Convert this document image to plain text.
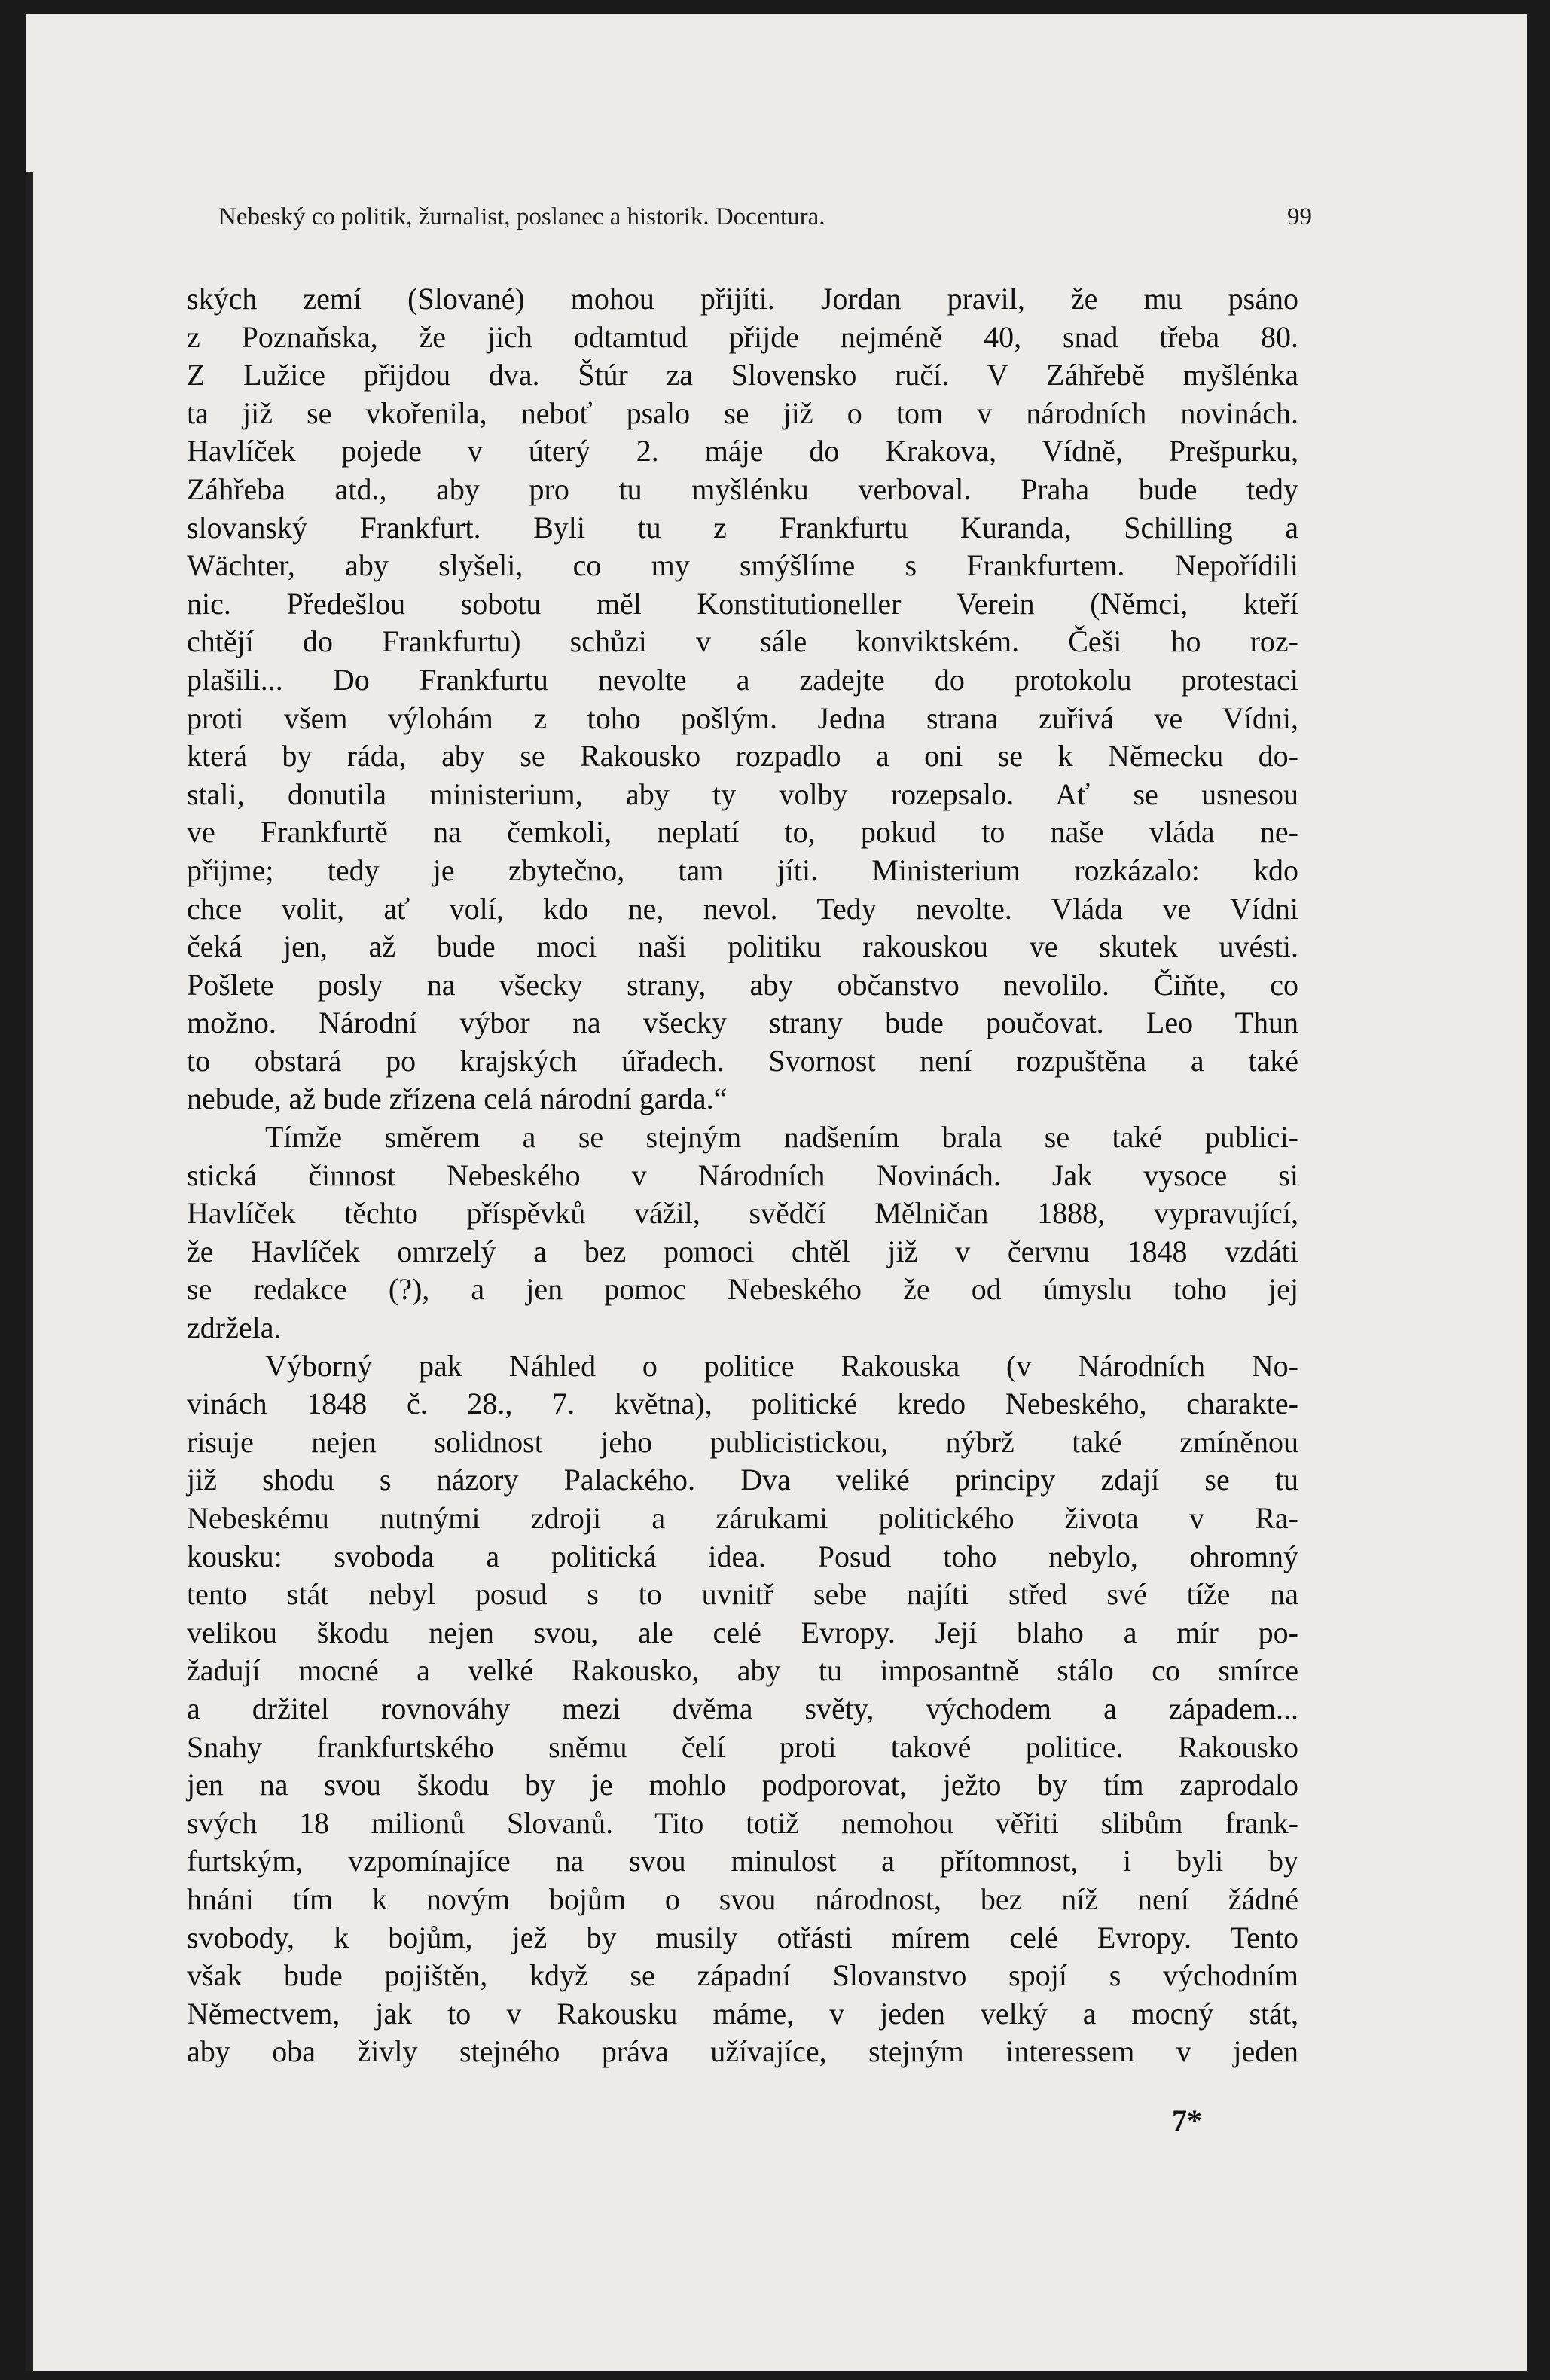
Nebeský co politik, žurnalist, poslanec a historik. Docentura.	99
ských zemí (Slované) mohou přijíti. Jordan pravil, že mu psáno
z Poznaňska, že jich odtamtud přijde nejméně 40, snad třeba 80.
Z Lužice přijdou dva. Štúr za Slovensko ručí. V Záhřebě myšlénka
ta již se vkořenila, neboť psalo se již o tom v národních novinách.
Havlíček pojede v úterý 2. máje do Krakova, Vídně, Prešpurku,
Záhřeba atd., aby pro tu myšlénku verboval. Praha bude tedy
slovanský Frankfurt. Byli tu z Frankfurtu Kuranda, Schilling a
Wächter, aby slyšeli, co my smýšlíme s Frankfurtem. Nepořídili
nic. Předešlou sobotu měl Konstitutioneller Verein (Němci, kteří
chtějí do Frankfurtu) schůzi v sále konviktském. Češi ho roz-
plašili... Do Frankfurtu nevolte a zadejte do protokolu protestaci
proti všem výlohám z toho pošlým. Jedna strana zuřivá ve Vídni,
která by ráda, aby se Rakousko rozpadlo a oni se k Německu do-
stali, donutila ministerium, aby ty volby rozepsalo. Ať se usnesou
ve Frankfurtě na čemkoli, neplatí to, pokud to naše vláda ne-
přijme; tedy je zbytečno, tam jíti. Ministerium rozkázalo: kdo
chce volit, ať volí, kdo ne, nevol. Tedy nevolte. Vláda ve Vídni
čeká jen, až bude moci naši politiku rakouskou ve skutek uvésti.
Pošlete posly na všecky strany, aby občanstvo nevolilo. Čiňte, co
možno. Národní výbor na všecky strany bude poučovat. Leo Thun
to obstará po krajských úřadech. Svornost není rozpuštěna a také
nebude, až bude zřízena celá národní garda.“
Tímže směrem a se stejným nadšením brala se také publici-
stická činnost Nebeského v Národních Novinách. Jak vysoce si
Havlíček těchto příspěvků vážil, svědčí Mělničan 1888, vypravující,
že Havlíček omrzelý a bez pomoci chtěl již v červnu 1848 vzdáti
se redakce (?), a jen pomoc Nebeského že od úmyslu toho jej
zdržela.
Výborný pak Náhled o politice Rakouska (v Národních No-
vinách 1848 č. 28., 7. května), politické kredo Nebeského, charakte-
risuje nejen solidnost jeho publicistickou, nýbrž také zmíněnou
již shodu s názory Palackého. Dva veliké principy zdají se tu
Nebeskému nutnými zdroji a zárukami politického života v Ra-
kousku: svoboda a politická idea. Posud toho nebylo, ohromný
tento stát nebyl posud s to uvnitř sebe najíti střed své tíže na
velikou škodu nejen svou, ale celé Evropy. Její blaho a mír po-
žadují mocné a velké Rakousko, aby tu imposantně stálo co smírce
a držitel rovnováhy mezi dvěma světy, východem a západem...
Snahy frankfurtského sněmu čelí proti takové politice. Rakousko
jen na svou škodu by je mohlo podporovat, ježto by tím zaprodalo
svých 18 milionů Slovanů. Tito totiž nemohou věřiti slibům frank-
furtským, vzpomínajíce na svou minulost a přítomnost, i byli by
hnáni tím k novým bojům o svou národnost, bez níž není žádné
svobody, k bojům, jež by musily otřásti mírem celé Evropy. Tento
však bude pojištěn, když se západní Slovanstvo spojí s východním
Němectvem, jak to v Rakousku máme, v jeden velký a mocný stát,
aby oba živly stejného práva užívajíce, stejným interessem v jeden
7*
